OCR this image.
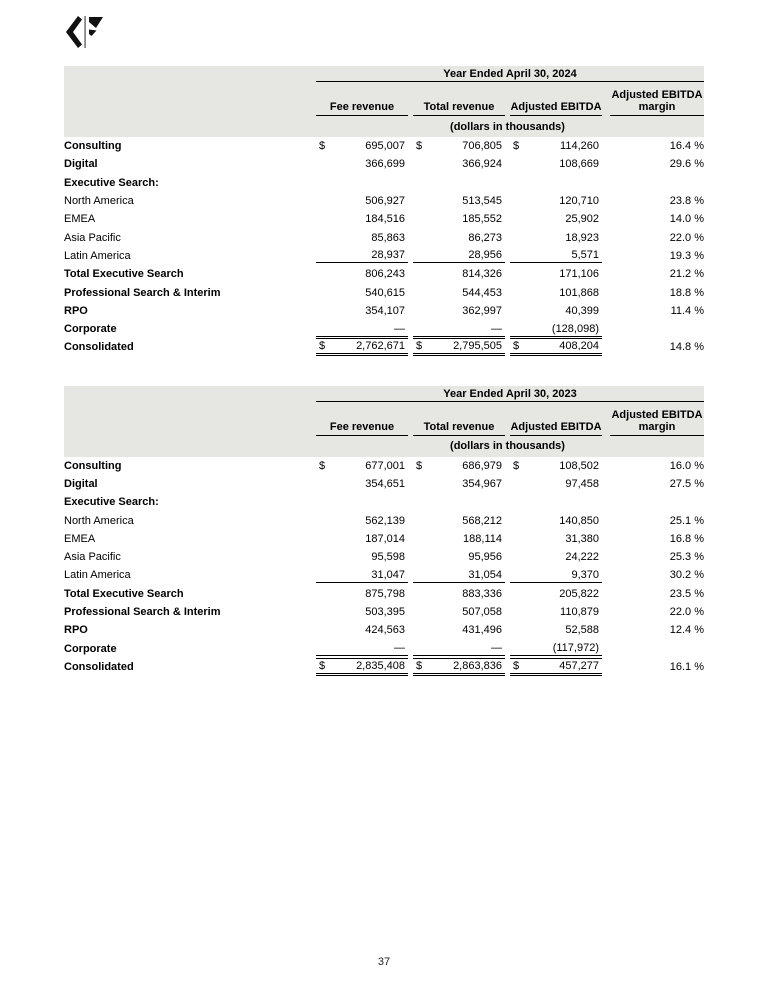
	Year Ended April 30, 2024			

Fee revenue	Total revenue	Adjusted EBITDA	Adjusted EBITDA margin

	(dollars in thousands)			

Consulting	$ 695,007	$ 706,805	$ 114,260	16.4 %

Digital	366,699	366,924	108,669	29.6 %

Executive Search:	

North America	506,927	513,545	120,710	23.8 %

EMEA	184,516	185,552	25,902	14.0 %

Asia Pacific	85,863	86,273	18,923	22.0 %

Latin America	28,937	28,956	5,571	19.3 %

Total Executive Search	806,243	814,326	171,106	21.2 %

Professional Search & Interim	540,615	544,453	101,868	18.8 %

RPO	354,107	362,997	40,399	11.4 %

Corporate	—	—	(128,098)	

Consolidated	$ 2,762,671	$ 2,795,505	$ 408,204	14.8 %

	Year Ended April 30, 2023			

Fee revenue	Total revenue	Adjusted EBITDA	Adjusted EBITDA margin

	(dollars in thousands)			

Consulting	$ 677,001	$ 686,979	$ 108,502	16.0 %

Digital	354,651	354,967	97,458	27.5 %

Executive Search:	

North America	562,139	568,212	140,850	25.1 %

EMEA	187,014	188,114	31,380	16.8 %

Asia Pacific	95,598	95,956	24,222	25.3 %

Latin America	31,047	31,054	9,370	30.2 %

Total Executive Search	875,798	883,336	205,822	23.5 %

Professional Search & Interim	503,395	507,058	110,879	22.0 %

RPO	424,563	431,496	52,588	12.4 %

Corporate	—	—	(117,972)	

Consolidated	$ 2,835,408	$ 2,863,836	$ 457,277	16.1 %
37
